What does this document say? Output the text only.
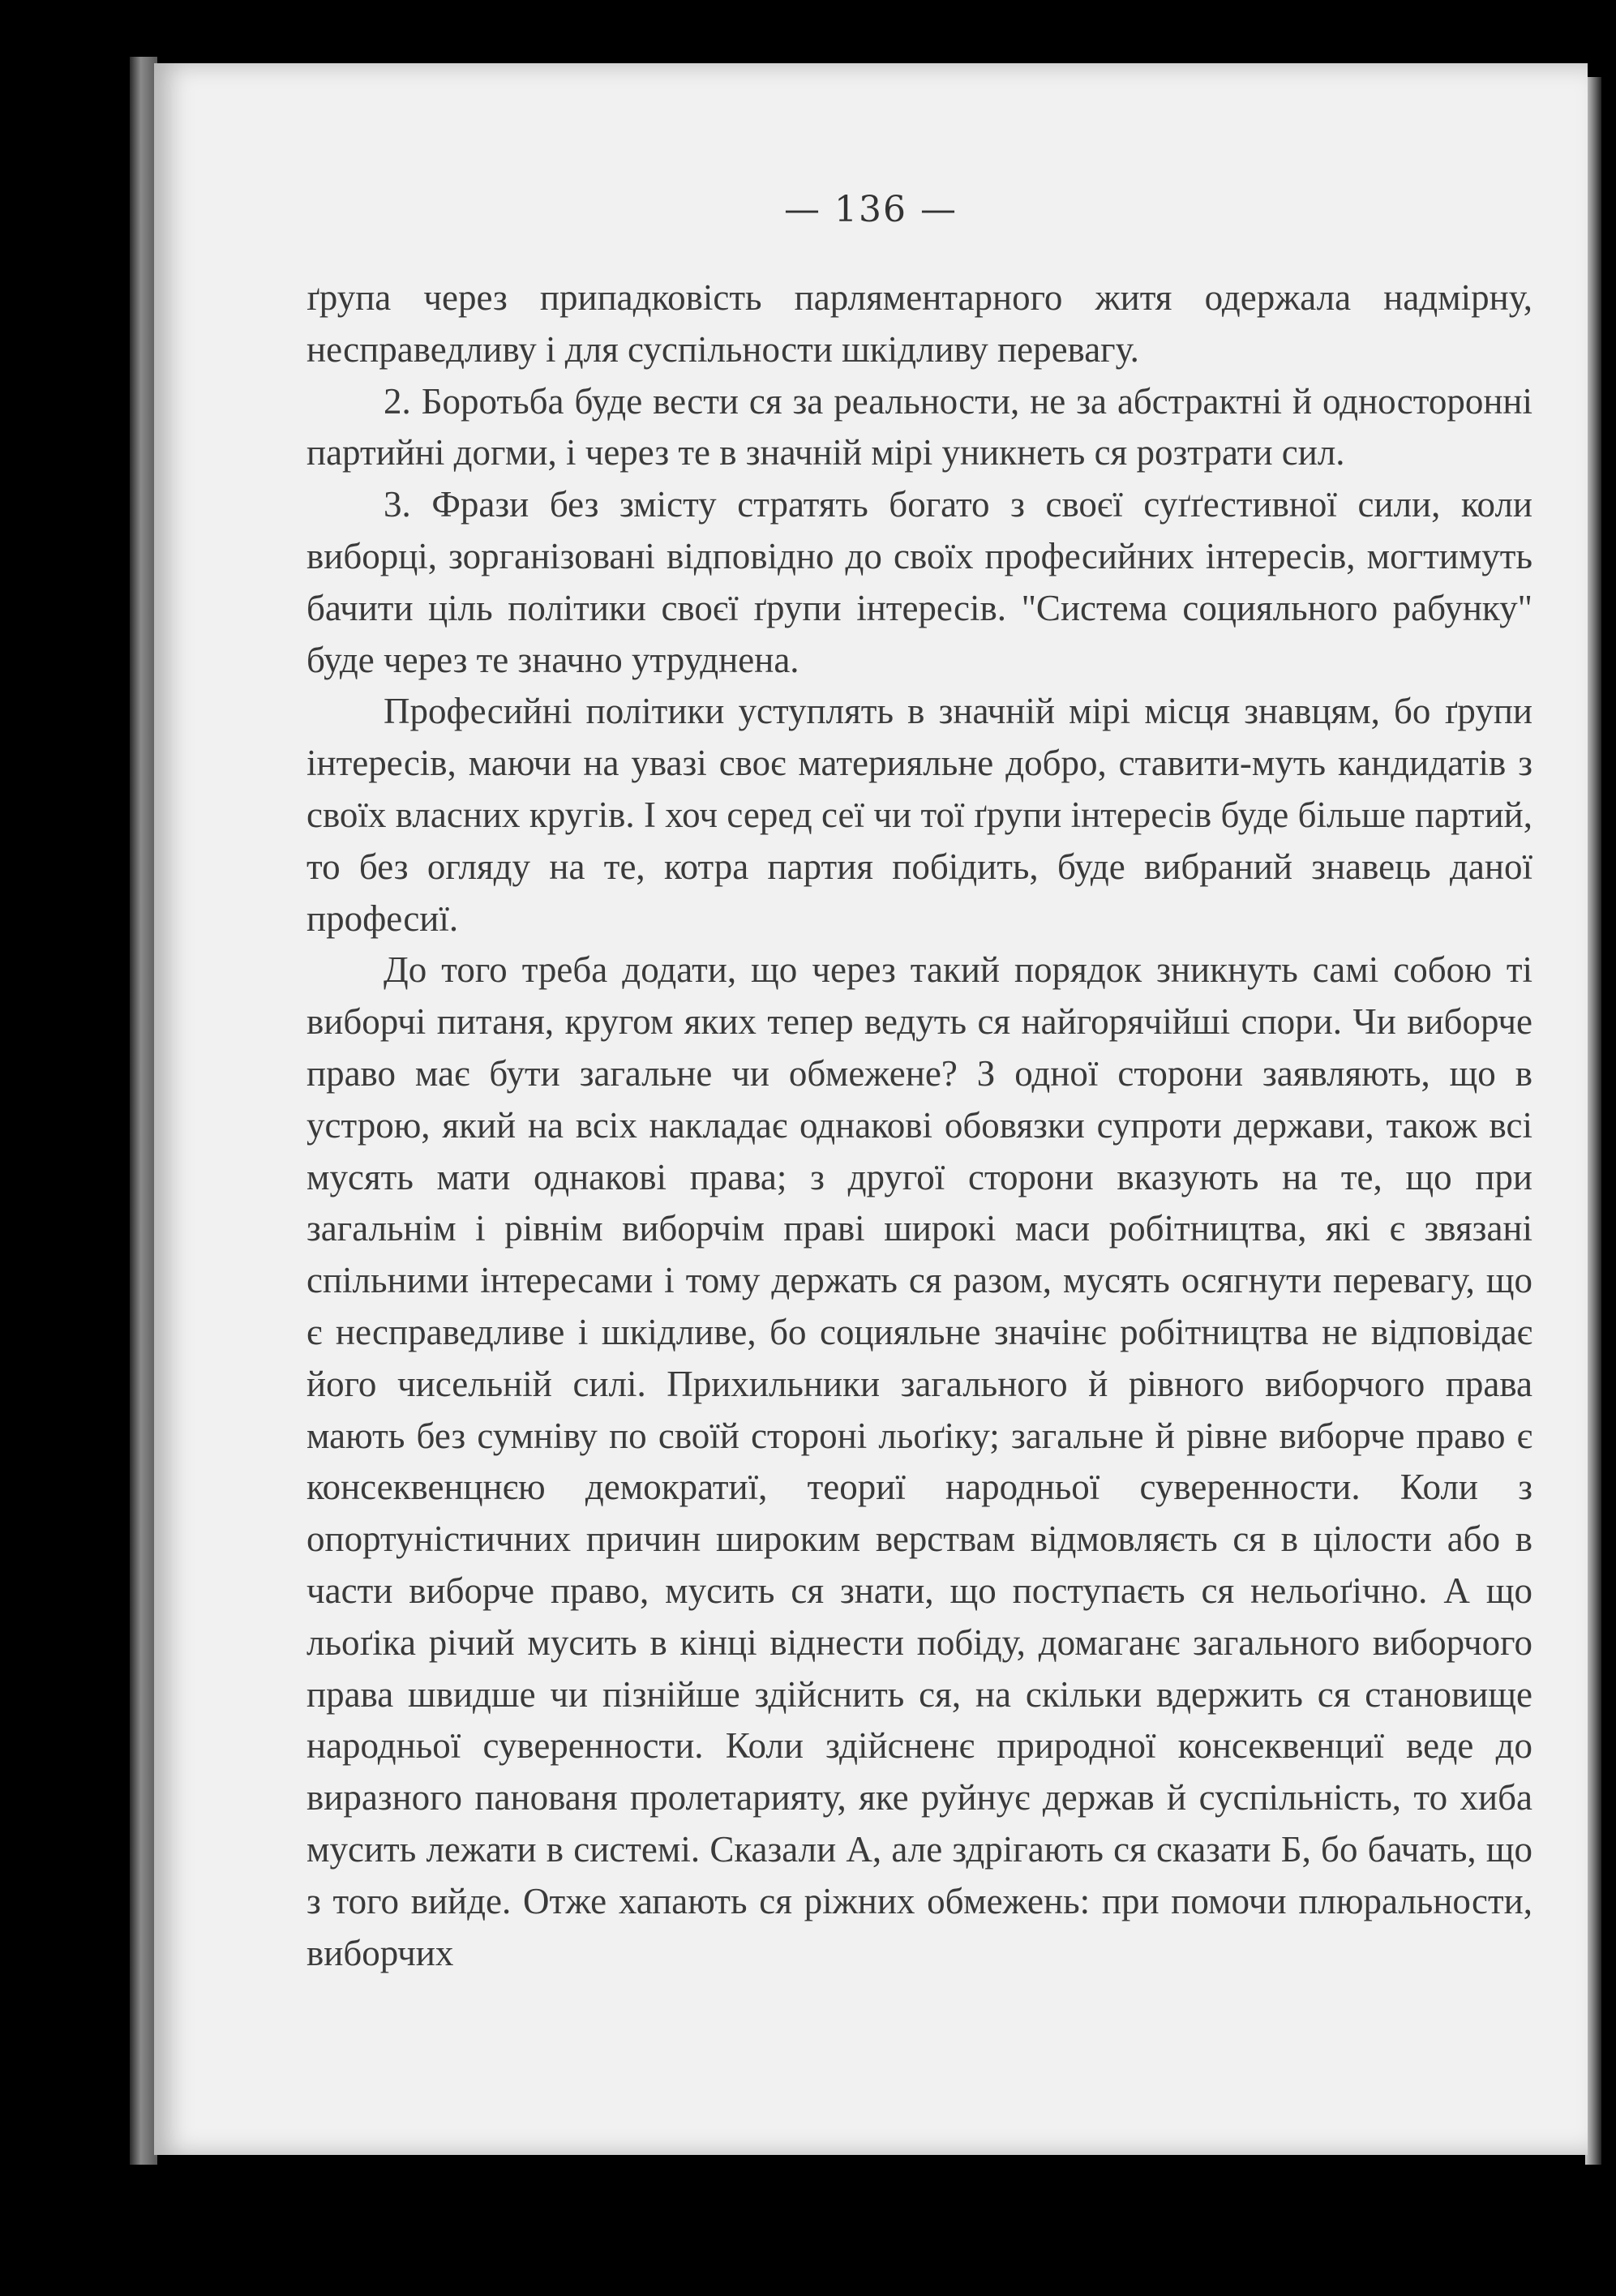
— 136 —

ґрупа через припадковість парляментарного житя одержала надмірну, несправедливу і для суспільности шкідливу перевагу.

2. Боротьба буде вести ся за реальности, не за абстрактні й односторонні партийні догми, і через те в значній мірі уникнеть ся розтрати сил.

3. Фрази без змісту стратять богато з своєї суґґестивної сили, коли виборці, зорганізовані відповідно до своїх професийних інтересів, могтимуть бачити ціль політики своєї ґрупи інтересів. "Система социяльного рабунку" буде через те значно утруднена.

Професийні політики уступлять в значній мірі місця знавцям, бо ґрупи інтересів, маючи на увазі своє материяльне добро, ставити-муть кандидатів з своїх власних кругів. І хоч серед сеї чи тої ґрупи інтересів буде більше партий, то без огляду на те, котра партия побідить, буде вибраний знавець даної професиї.

До того треба додати, що через такий порядок зникнуть самі собою ті виборчі питаня, кругом яких тепер ведуть ся найгорячійші спори. Чи виборче право має бути загальне чи обмежене? З одної сторони заявляють, що в устрою, який на всіх накладає однакові обовязки супроти держави, також всі мусять мати однакові права; з другої сторони вказують на те, що при загальнім і рівнім виборчім праві широкі маси робітництва, які є звязані спільними інтересами і тому держать ся разом, мусять осягнути перевагу, що є несправедливе і шкідливе, бо социяльне значінє робітництва не відповідає його чисельній силі. Прихильники загального й рівного виборчого права мають без сумніву по своїй стороні льоґіку; загальне й рівне виборче право є консеквенцнєю демократиї, теориї народньої суверенности. Коли з опортуністичних причин широким верствам відмовляєть ся в цілости або в части виборче право, мусить ся знати, що поступаєть ся нельоґічно. А що льоґіка річий мусить в кінці віднести побіду, домаганє загального виборчого права швидше чи пізнійше здійснить ся, на скільки вдержить ся становище народньої суверенности. Коли здійсненє природної консеквенциї веде до виразного панованя пролетарияту, яке руйнує держав й суспільність, то хиба мусить лежати в системі. Сказали А, але здрігають ся сказати Б, бо бачать, що з того вийде. Отже хапають ся ріжних обмежень: при помочи плюральности, виборчих
